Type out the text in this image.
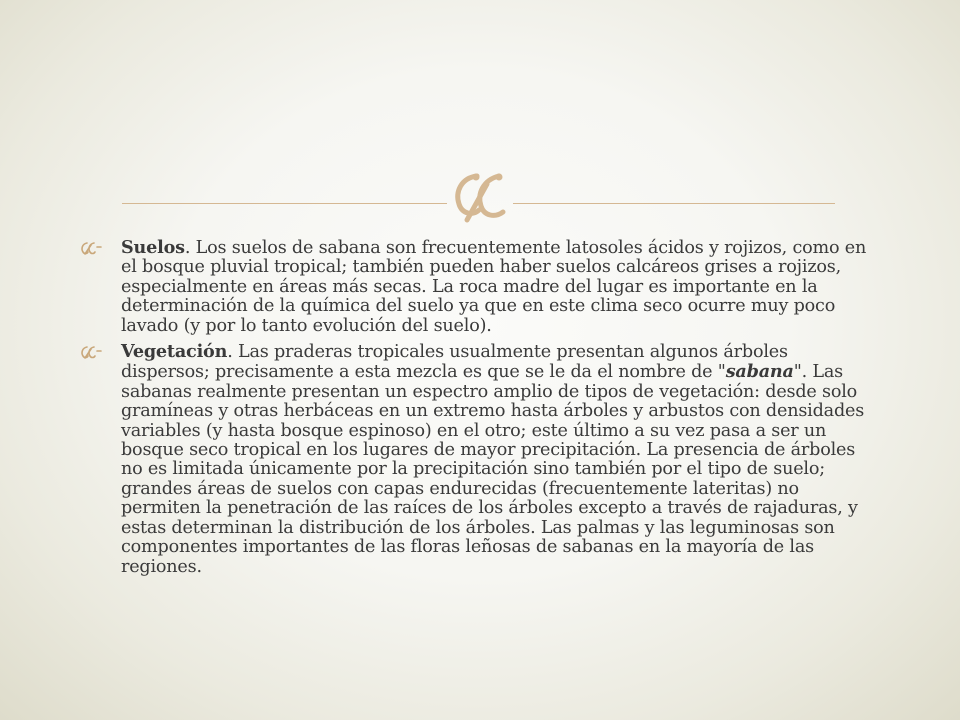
Suelos. Los suelos de sabana son frecuentemente latosoles ácidos y rojizos, como en el bosque pluvial tropical; también pueden haber suelos calcáreos grises a rojizos, especialmente en áreas más secas. La roca madre del lugar es importante en la determinación de la química del suelo ya que en este clima seco ocurre muy poco lavado (y por lo tanto evolución del suelo).
Vegetación. Las praderas tropicales usualmente presentan algunos árboles dispersos; precisamente a esta mezcla es que se le da el nombre de "sabana". Las sabanas realmente presentan un espectro amplio de tipos de vegetación: desde solo gramíneas y otras herbáceas en un extremo hasta árboles y arbustos con densidades variables (y hasta bosque espinoso) en el otro; este último a su vez pasa a ser un bosque seco tropical en los lugares de mayor precipitación. La presencia de árboles no es limitada únicamente por la precipitación sino también por el tipo de suelo; grandes áreas de suelos con capas endurecidas (frecuentemente lateritas) no permiten la penetración de las raíces de los árboles excepto a través de rajaduras, y estas determinan la distribución de los árboles. Las palmas y las leguminosas son componentes importantes de las floras leñosas de sabanas en la mayoría de las regiones.
